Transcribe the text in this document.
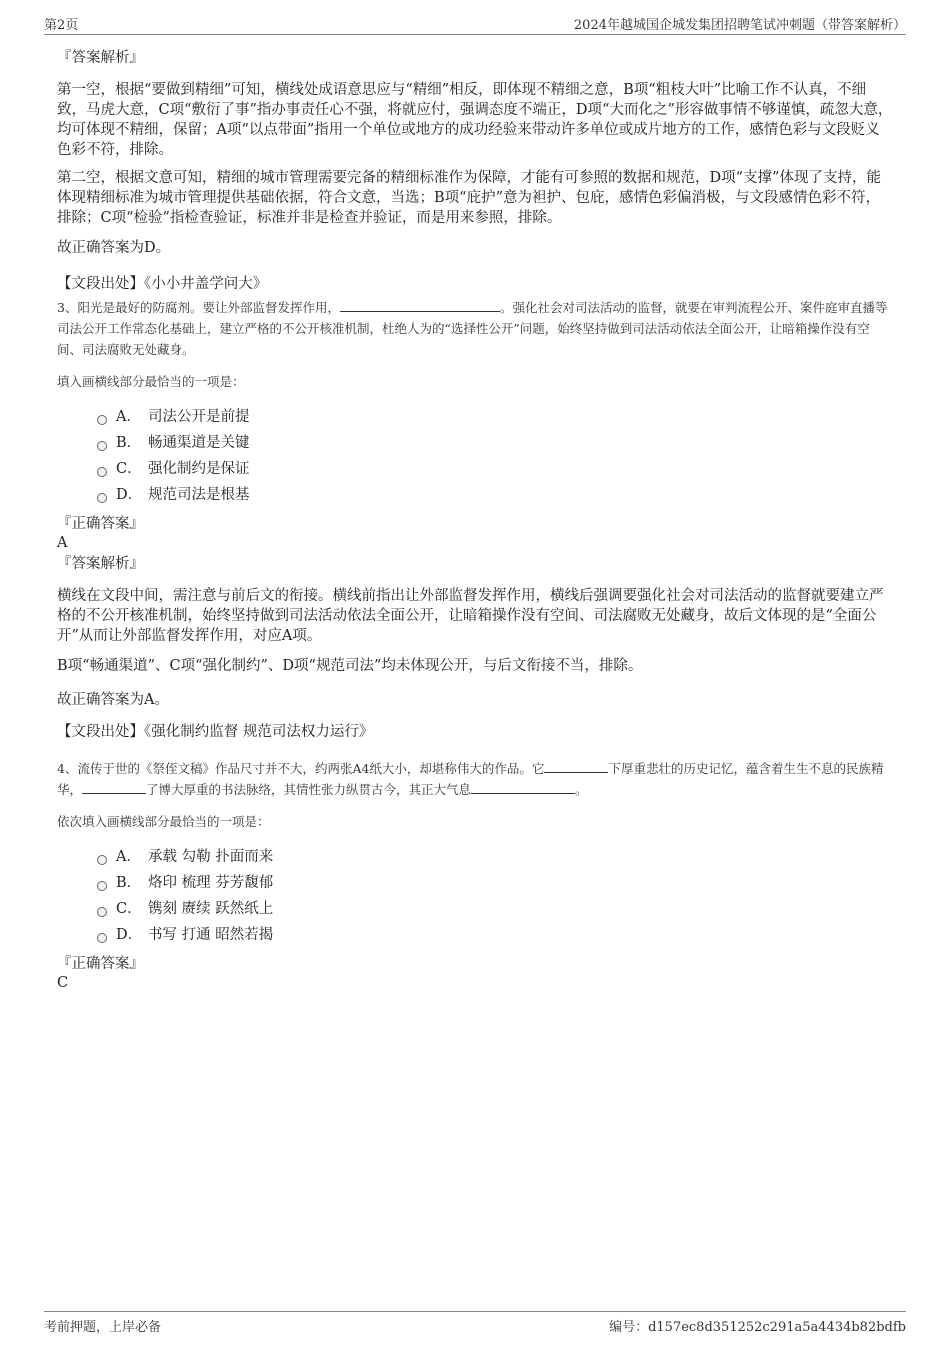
第2页	2024年越城国企城发集团招聘笔试冲刺题（带答案解析）
『答案解析』
第一空，根据“要做到精细”可知，横线处成语意思应与“精细”相反，即体现不精细之意，B项“粗枝大叶”比喻工作不认真，不细致，马虎大意，C项“敷衍了事”指办事责任心不强，将就应付，强调态度不端正，D项“大而化之”形容做事情不够谨慎，疏忽大意，均可体现不精细，保留；A项“以点带面”指用一个单位或地方的成功经验来带动许多单位或成片地方的工作，感情色彩与文段贬义色彩不符，排除。
第二空，根据文意可知，精细的城市管理需要完备的精细标准作为保障，才能有可参照的数据和规范，D项“支撑”体现了支持，能体现精细标准为城市管理提供基础依据，符合文意，当选；B项“庇护”意为袒护、包庇，感情色彩偏消极，与文段感情色彩不符，排除；C项“检验”指检查验证，标准并非是检查并验证，而是用来参照，排除。
故正确答案为D。
【文段出处】《小小井盖学问大》
3、阳光是最好的防腐剂。要让外部监督发挥作用，	。强化社会对司法活动的监督，就要在审判流程公开、案件庭审直播等司法公开工作常态化基础上，建立严格的不公开核准机制，杜绝人为的“选择性公开”问题，始终坚持做到司法活动依法全面公开，让暗箱操作没有空间、司法腐败无处藏身。
填入画横线部分最恰当的一项是：
A． 司法公开是前提
B． 畅通渠道是关键
C． 强化制约是保证
D． 规范司法是根基
『正确答案』
A
『答案解析』
横线在文段中间，需注意与前后文的衔接。横线前指出让外部监督发挥作用，横线后强调要强化社会对司法活动的监督就要建立严格的不公开核准机制，始终坚持做到司法活动依法全面公开，让暗箱操作没有空间、司法腐败无处藏身，故后文体现的是“全面公开”从而让外部监督发挥作用，对应A项。
B项“畅通渠道”、C项“强化制约”、D项“规范司法”均未体现公开，与后文衔接不当，排除。
故正确答案为A。
【文段出处】《强化制约监督 规范司法权力运行》
4、流传于世的《祭侄文稿》作品尺寸并不大，约两张A4纸大小，却堪称伟大的作品。它	下厚重悲壮的历史记忆，蕴含着生生不息的民族精华，	了博大厚重的书法脉络，其情性张力纵贯古今，其正大气息	。
依次填入画横线部分最恰当的一项是：
A． 承载 勾勒 扑面而来
B． 烙印 梳理 芬芳馥郁
C． 镌刻 赓续 跃然纸上
D． 书写 打通 昭然若揭
『正确答案』
C
考前押题，上岸必备	编号：d157ec8d351252c291a5a4434b82bdfb
